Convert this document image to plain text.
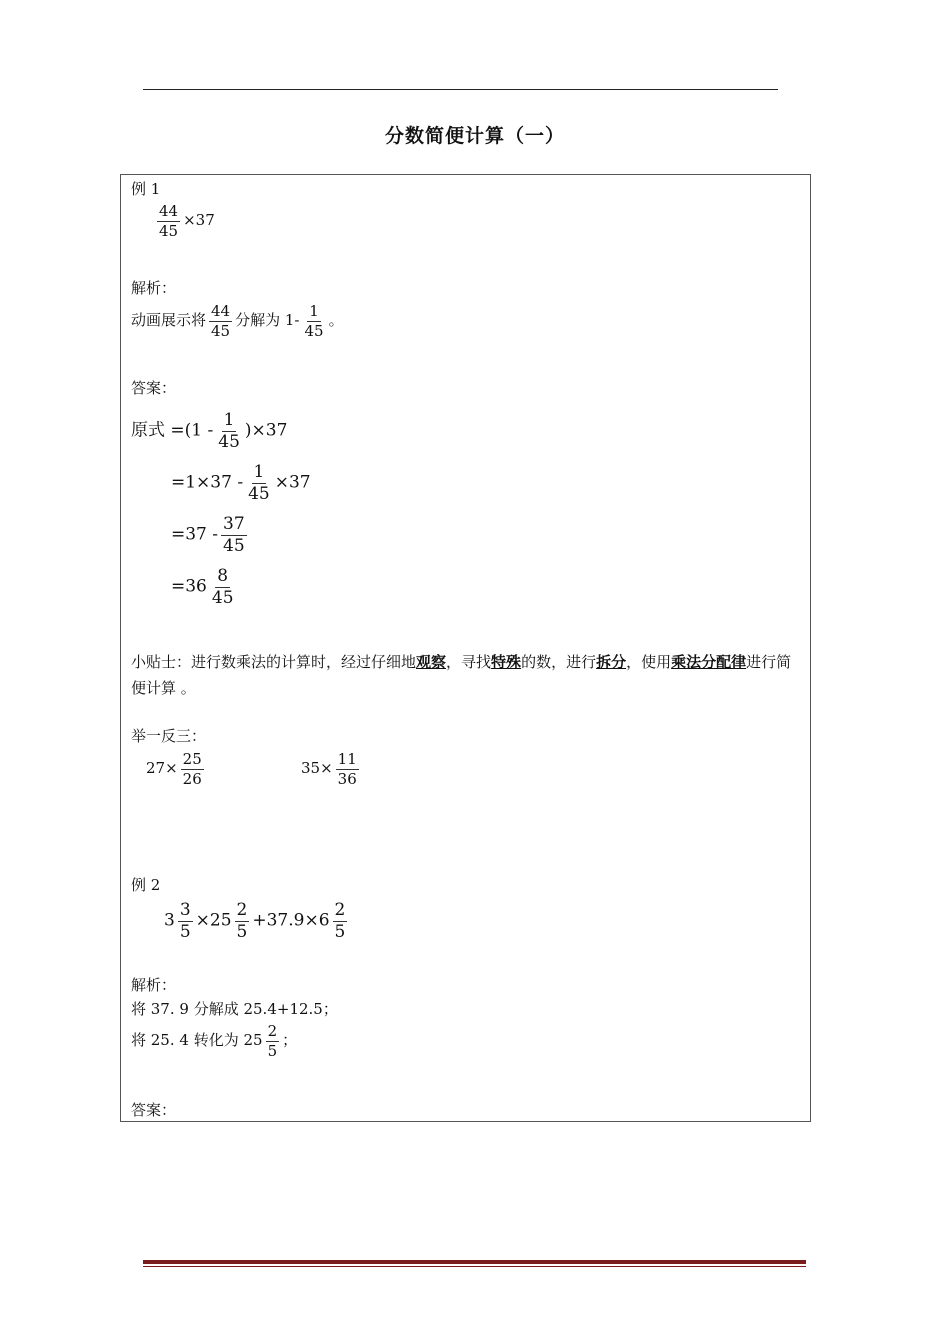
分数简便计算（一）
例 1
$\frac{44}{45} \times 37$
解析：
动画展示将 $\frac{44}{45}$ 分解为 $1- \frac{1}{45}$ 。
答案：
原式 $=(1 - \frac{1}{45} )\times 37$
$=1\times 37 - \frac{1}{45} \times 37$
$=37 - \frac{37}{45}$
$=36 \frac{8}{45}$
小贴士：进行数乘法的计算时，经过仔细地观察，寻找特殊的数，进行拆分，使用乘法分配律进行简便计算 。
举一反三：
$27\times \frac{25}{26}$	$35\times \frac{11}{36}$
例 2
$3 \frac{3}{5} \times 25 \frac{2}{5} +37.9\times 6 \frac{2}{5}$
解析：
将 37. 9 分解成 25.4+12.5；
将 25. 4 转化为 $25 \frac{2}{5}$ ；
答案：
